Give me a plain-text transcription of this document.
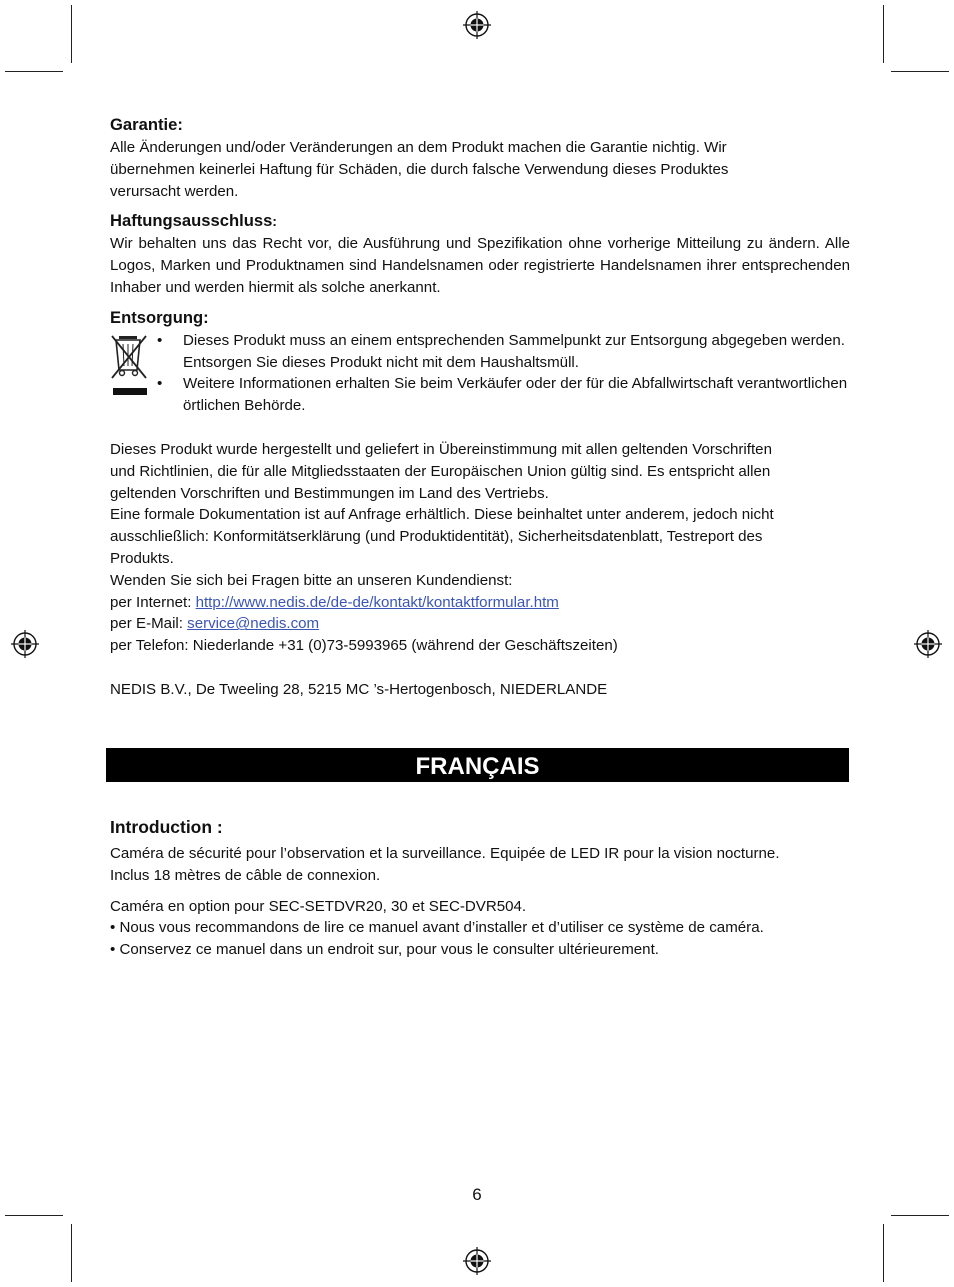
Garantie:

Alle Änderungen und/oder Veränderungen an dem Produkt machen die Garantie nichtig. Wir

übernehmen keinerlei Haftung für Schäden, die durch falsche Verwendung dieses Produktes

verursacht werden.

Haftungsausschluss:

Wir behalten uns das Recht vor, die Ausführung und Spezifikation ohne vorherige Mitteilung zu ändern. Alle Logos, Marken und Produktnamen sind Handelsnamen oder registrierte Handelsnamen ihrer entsprechenden Inhaber und werden hiermit als solche anerkannt.

Entsorgung:
• Dieses Produkt muss an einem entsprechenden Sammelpunkt zur Entsorgung abgegeben werden. Entsorgen Sie dieses Produkt nicht mit dem Haushaltsmüll.
• Weitere Informationen erhalten Sie beim Verkäufer oder der für die Abfallwirtschaft verantwortlichen örtlichen Behörde.

Dieses Produkt wurde hergestellt und geliefert in Übereinstimmung mit allen geltenden Vorschriften

und Richtlinien, die für alle Mitgliedsstaaten der Europäischen Union gültig sind. Es entspricht allen

geltenden Vorschriften und Bestimmungen im Land des Vertriebs.

Eine formale Dokumentation ist auf Anfrage erhältlich. Diese beinhaltet unter anderem, jedoch nicht

ausschließlich: Konformitätserklärung (und Produktidentität), Sicherheitsdatenblatt, Testreport des

Produkts.

Wenden Sie sich bei Fragen bitte an unseren Kundendienst:

per Internet: http://www.nedis.de/de-de/kontakt/kontaktformular.htm

per E-Mail: service@nedis.com

per Telefon: Niederlande +31 (0)73-5993965 (während der Geschäftszeiten)

NEDIS B.V., De Tweeling 28, 5215 MC ’s-Hertogenbosch, NIEDERLANDE

FRANÇAIS
Introduction :

Caméra de sécurité pour l’observation et la surveillance. Equipée de LED IR pour la vision nocturne.

Inclus 18 mètres de câble de connexion.

Caméra en option pour SEC-SETDVR20, 30 et SEC-DVR504.

• Nous vous recommandons de lire ce manuel avant d’installer et d’utiliser ce système de caméra.

• Conservez ce manuel dans un endroit sur, pour vous le consulter ultérieurement.

6
